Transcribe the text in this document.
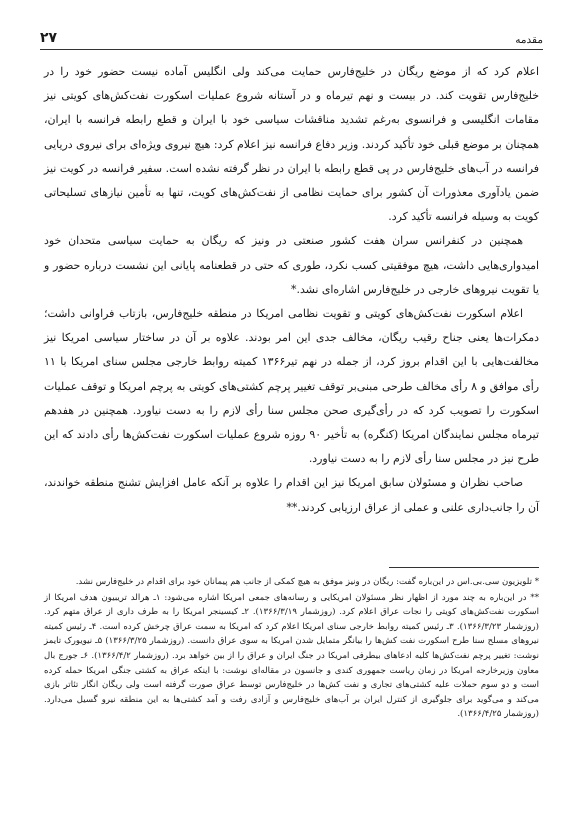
مقدمه
۲۷

اعلام کرد که از موضع ریگان در خلیج‌فارس حمایت می‌کند ولی انگلیس آماده نیست حضور خود را در خلیج‌فارس تقویت کند. در بیست و نهم تیرماه و در آستانه شروع عملیات اسکورت نفت‌کش‌های کویتی نیز مقامات انگلیسی و فرانسوی به‌رغم تشدید مناقشات سیاسی خود با ایران و قطع رابطه فرانسه با ایران، همچنان بر موضع قبلی خود تأکید کردند. وزیر دفاع فرانسه نیز اعلام کرد: هیچ نیروی ویژه‌ای برای نیروی دریایی فرانسه در آب‌های خلیج‌فارس در پی قطع رابطه با ایران در نظر گرفته نشده است. سفیر فرانسه در کویت نیز ضمن یادآوری معذورات آن کشور برای حمایت نظامی از نفت‌کش‌های کویت، تنها به تأمین نیازهای تسلیحاتی کویت به وسیله فرانسه تأکید کرد.

همچنین در کنفرانس سران هفت کشور صنعتی در ونیز که ریگان به حمایت سیاسی متحدان خود امیدواری‌هایی داشت، هیچ موفقیتی کسب نکرد، طوری که حتی در قطعنامه پایانی این نشست درباره حضور و یا تقویت نیروهای خارجی در خلیج‌فارس اشاره‌ای نشد.*

اعلام اسکورت نفت‌کش‌های کویتی و تقویت نظامی امریکا در منطقه خلیج‌فارس، بازتاب فراوانی داشت؛ دمکرات‌ها یعنی جناح رقیب ریگان، مخالف جدی این امر بودند. علاوه بر آن در ساختار سیاسی امریکا نیز مخالفت‌هایی با این اقدام بروز کرد، از جمله در نهم تیر۱۳۶۶ کمیته روابط خارجی مجلس سنای امریکا با ۱۱ رأی موافق و ۸ رأی مخالف طرحی مبنی‌بر توقف تغییر پرچم کشتی‌های کویتی به پرچم امریکا و توقف عملیات اسکورت را تصویب کرد که در رأی‌گیری صحن مجلس سنا رأی لازم را به دست نیاورد. همچنین در هفدهم تیرماه مجلس نمایندگان امریکا (کنگره) به تأخیر ۹۰ روزه شروع عملیات اسکورت نفت‌کش‌ها رأی دادند که این طرح نیز در مجلس سنا رأی لازم را به دست نیاورد.

صاحب نظران و مسئولان سابق امریکا نیز این اقدام را علاوه بر آنکه عامل افزایش تشنج منطقه خواندند، آن را جانب‌داری علنی و عملی از عراق ارزیابی کردند.**

* تلویزیون سی.بی.اس در این‌باره گفت: ریگان در ونیز موفق به هیچ کمکی از جانب هم پیمانان خود برای اقدام در خلیج‌فارس نشد.

** در این‌باره به چند مورد از اظهار نظر مسئولان امریکایی و رسانه‌های جمعی امریکا اشاره می‌شود: ۱ـ هرالد تریبیون هدف امریکا از اسکورت نفت‌کش‌های کویتی را نجات عراق اعلام کرد. (روزشمار ۱۳۶۶/۳/۱۹). ۲ـ کیسینجر امریکا را به طرف داری از عراق متهم کرد. (روزشمار ۱۳۶۶/۳/۲۳). ۳ـ رئیس کمیته روابط خارجی سنای امریکا اعلام کرد که امریکا به سمت عراق چرخش کرده است. ۴ـ رئیس کمیته نیروهای مسلح سنا طرح اسکورت نفت کش‌ها را بیانگر متمایل شدن امریکا به سوی عراق دانست. (روزشمار ۱۳۶۶/۳/۲۵) ۵ـ نیویورک تایمز نوشت: تغییر پرچم نفت‌کش‌ها کلیه ادعاهای بیطرفی امریکا در جنگ ایران و عراق را از بین خواهد برد. (روزشمار ۱۳۶۶/۴/۲). ۶ـ جورج بال معاون وزیرخارجه امریکا در زمان ریاست جمهوری کندی و جانسون در مقاله‌ای نوشت: با اینکه عراق به کشتی جنگی امریکا حمله کرده است و دو سوم حملات علیه کشتی‌های تجاری و نفت کش‌ها در خلیج‌فارس توسط عراق صورت گرفته است ولی ریگان انگار تئاتر بازی می‌کند و می‌گوید برای جلوگیری از کنترل ایران بر آب‌های خلیج‌فارس و آزادی رفت و آمد کشتی‌ها به این منطقه نیرو گسیل می‌دارد. (روزشمار ۱۳۶۶/۴/۲۵).
